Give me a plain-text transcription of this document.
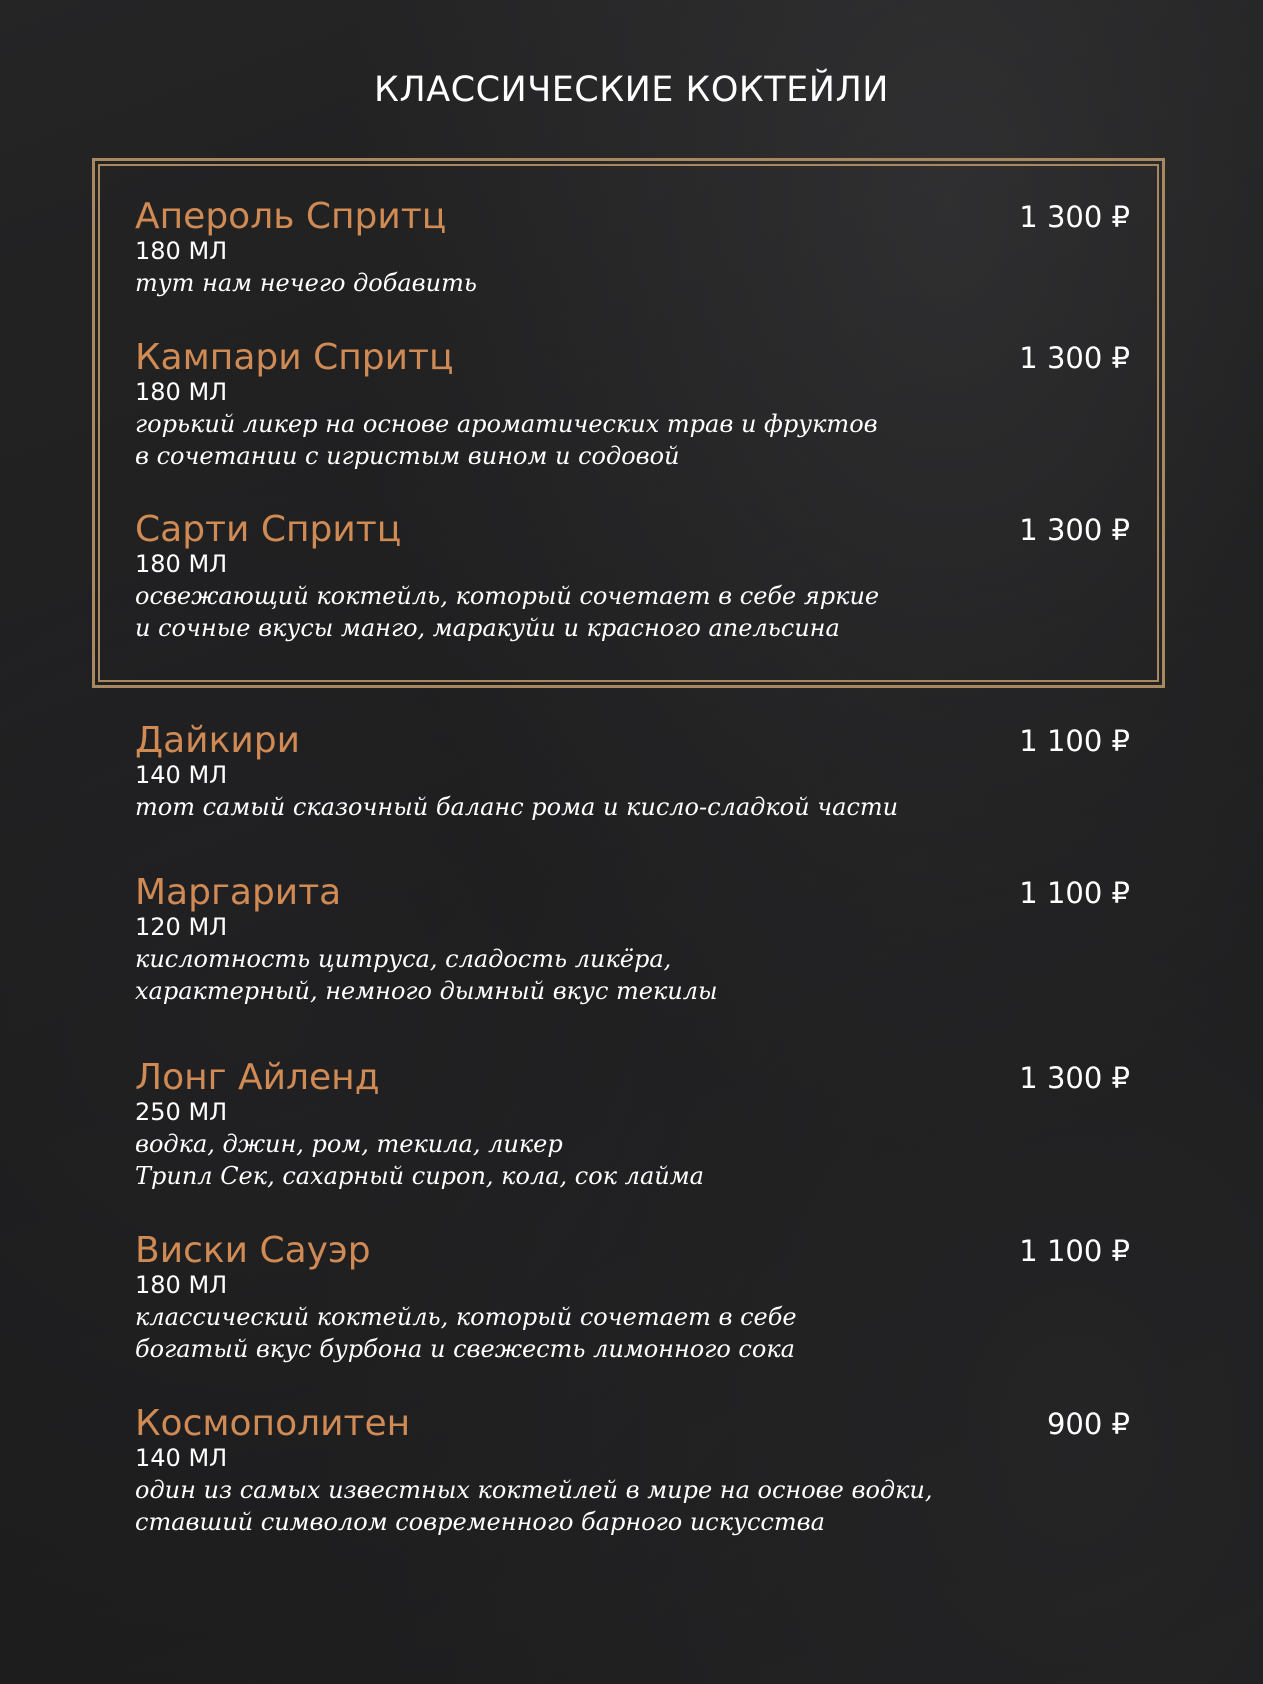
КЛАССИЧЕСКИЕ КОКТЕЙЛИ
Апероль Спритц	1 300 ₽
180 МЛ
тут нам нечего добавить
Кампари Спритц	1 300 ₽
180 МЛ
горький ликер на основе ароматических трав и фруктов
в сочетании с игристым вином и содовой
Сарти Спритц	1 300 ₽
180 МЛ
освежающий коктейль, который сочетает в себе яркие
и сочные вкусы манго, маракуйи и красного апельсина
Дайкири	1 100 ₽
140 МЛ
тот самый сказочный баланс рома и кисло-сладкой части
Маргарита	1 100 ₽
120 МЛ
кислотность цитруса, сладость ликёра,
характерный, немного дымный вкус текилы
Лонг Айленд	1 300 ₽
250 МЛ
водка, джин, ром, текила, ликер
Трипл Сек, сахарный сироп, кола, сок лайма
Виски Сауэр	1 100 ₽
180 МЛ
классический коктейль, который сочетает в себе
богатый вкус бурбона и свежесть лимонного сока
Космополитен	900 ₽
140 МЛ
один из самых известных коктейлей в мире на основе водки,
ставший символом современного барного искусства
